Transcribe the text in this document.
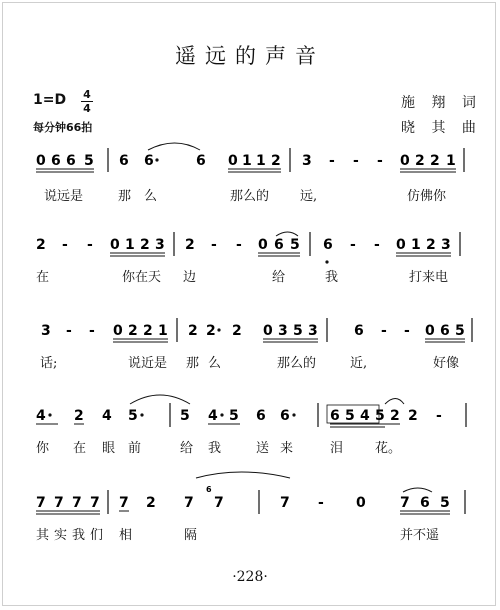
遥远的声音
1=D 4
4
每分钟66拍
施 翔 词
晓 其 曲
0 6 6 5 6 6	6 0 1 1 2 3 - - - 0 2 2 1
2 - - 0 1 2 3 2 - - 0 6 5 6 - - 0 1 2 3
3 - - 0 2 2 1 2 2 2 0 3 5 3	6 - - 0 6 5
4 2 4 5	5 4 5 6 6	6 5 4 5 2 2 -
7 7 7 7 7 2 7
6
7	7 - 0 7 6 5
说远是	那 么	那么的 远,	仿佛你
在	你在天 边	给	我	打来电
话;	说近是 那 么	那么的	近,	好像
你 在 眼 前	给 我	送 来	泪 花。
其 实 我 们 相	隔	并不遥
·228·
